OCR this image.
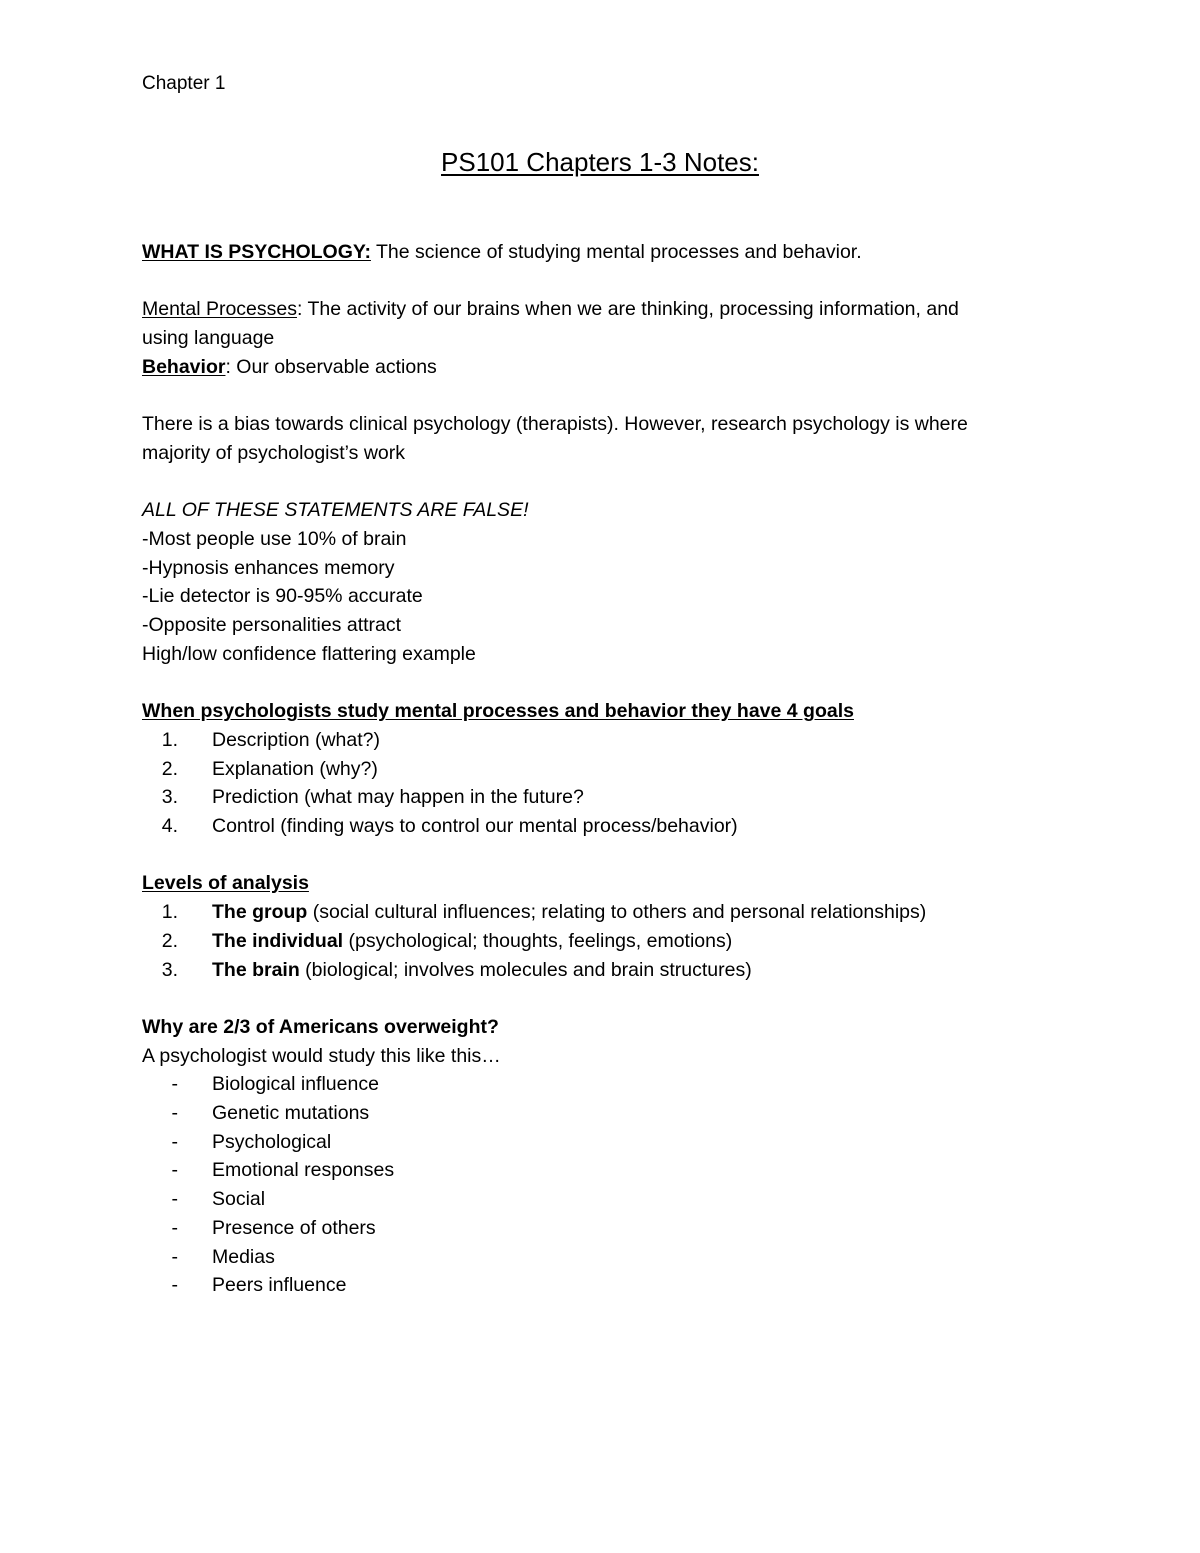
Chapter 1
PS101 Chapters 1-3 Notes:
WHAT IS PSYCHOLOGY: The science of studying mental processes and behavior.
Mental Processes: The activity of our brains when we are thinking, processing information, and
using language
Behavior: Our observable actions
There is a bias towards clinical psychology (therapists). However, research psychology is where
majority of psychologist’s work
ALL OF THESE STATEMENTS ARE FALSE!
-Most people use 10% of brain
-Hypnosis enhances memory
-Lie detector is 90-95% accurate
-Opposite personalities attract
High/low confidence flattering example
When psychologists study mental processes and behavior they have 4 goals
1.	Description (what?)
2.	Explanation (why?)
3.	Prediction (what may happen in the future?
4.	Control (finding ways to control our mental process/behavior)
Levels of analysis
1.	The group (social cultural influences; relating to others and personal relationships)
2.	The individual (psychological; thoughts, feelings, emotions)
3.	The brain (biological; involves molecules and brain structures)
Why are 2/3 of Americans overweight?
A psychologist would study this like this…
-	Biological influence
-	Genetic mutations
-	Psychological
-	Emotional responses
-	Social
-	Presence of others
-	Medias
-	Peers influence
